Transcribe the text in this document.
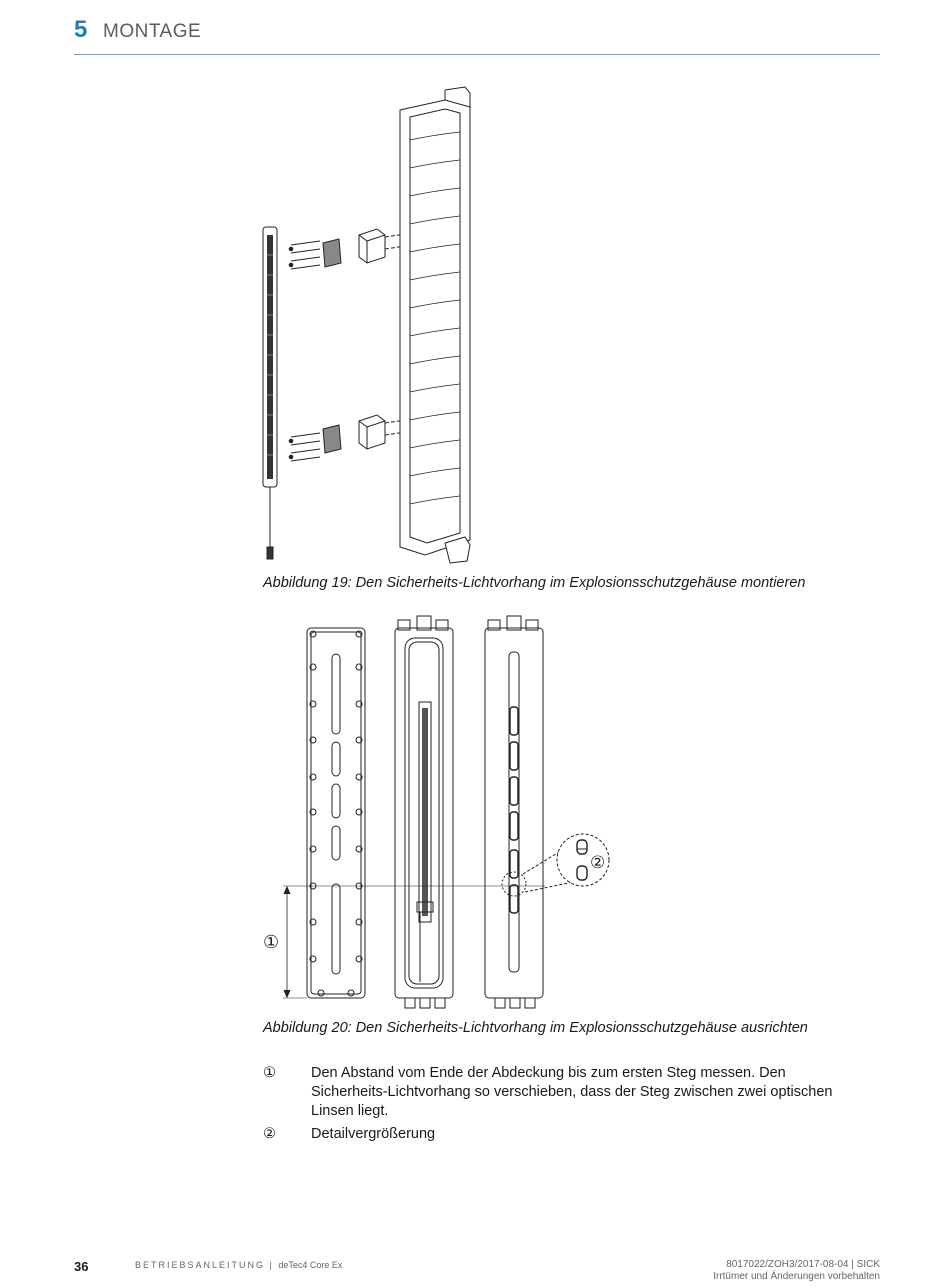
5 MONTAGE
Abbildung 19: Den Sicherheits-Lichtvorhang im Explosionsschutzgehäuse montieren
①
②
Abbildung 20: Den Sicherheits-Lichtvorhang im Explosionsschutzgehäuse ausrichten
① Den Abstand vom Ende der Abdeckung bis zum ersten Steg messen. Den Sicherheits-Lichtvorhang so verschieben, dass der Steg zwischen zwei optischen Linsen liegt.
② Detailvergrößerung
36	BETRIEBSANLEITUNG | deTec4 Core Ex	8017022/ZOH3/2017-08-04 | SICK
Irrtümer und Änderungen vorbehalten
